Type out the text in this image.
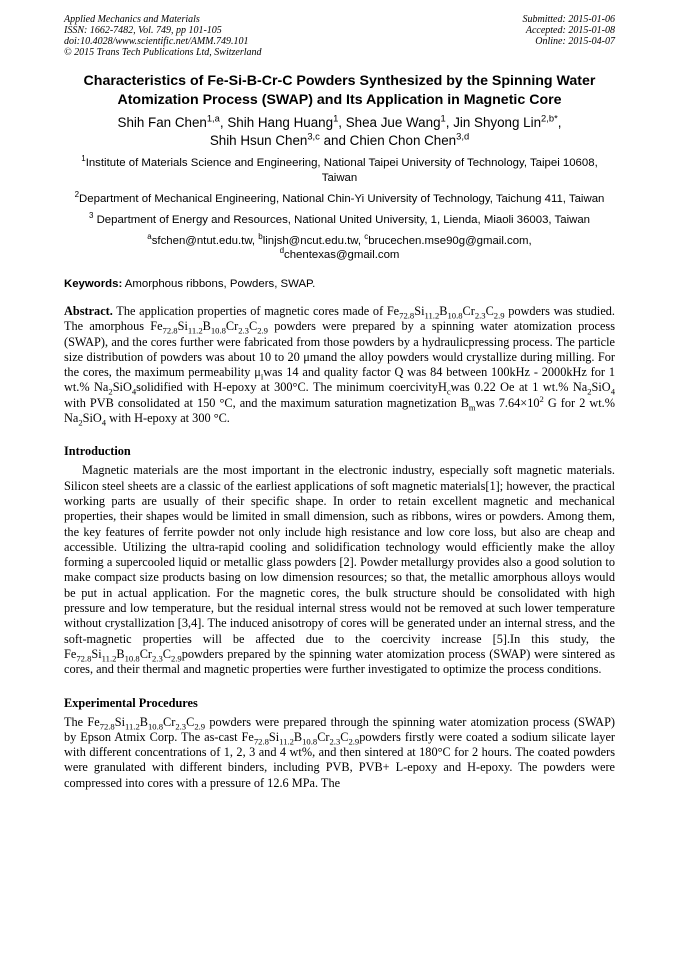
Applied Mechanics and Materials
ISSN: 1662-7482, Vol. 749, pp 101-105
doi:10.4028/www.scientific.net/AMM.749.101
© 2015 Trans Tech Publications Ltd, Switzerland
Submitted: 2015-01-06
Accepted: 2015-01-08
Online: 2015-04-07
Characteristics of Fe-Si-B-Cr-C Powders Synthesized by the Spinning Water Atomization Process (SWAP) and Its Application in Magnetic Core
Shih Fan Chen$^{1,a}$, Shih Hang Huang$^1$, Shea Jue Wang$^1$, Jin Shyong Lin$^{2,b*}$,
Shih Hsun Chen$^{3,c}$ and Chien Chon Chen$^{3,d}$
$^1$Institute of Materials Science and Engineering, National Taipei University of Technology, Taipei 10608, Taiwan
$^2$Department of Mechanical Engineering, National Chin-Yi University of Technology, Taichung 411, Taiwan
$^3$ Department of Energy and Resources, National United University, 1, Lienda, Miaoli 36003, Taiwan
$^a$sfchen@ntut.edu.tw, $^b$linjsh@ncut.edu.tw, $^c$brucechen.mse90g@gmail.com,
$^d$chentexas@gmail.com
Keywords: Amorphous ribbons, Powders, SWAP.
Abstract. The application properties of magnetic cores made of $Fe_{72.8}Si_{11.2}B_{10.8}Cr_{2.3}C_{2.9}$ powders was studied. The amorphous $Fe_{72.8}Si_{11.2}B_{10.8}Cr_{2.3}C_{2.9}$ powders were prepared by a spinning water atomization process (SWAP), and the cores further were fabricated from those powders by a hydraulicpressing process. The particle size distribution of powders was about 10 to 20 μmand the alloy powders would crystallize during milling. For the cores, the maximum permeability $\mu_iwas$ 14 and quality factor Q was 84 between 100kHz - 2000kHz for 1 wt.% $Na_2SiO_4solidified$ with H-epoxy at 300°C. The minimum coercivityH$_c$was 0.22 Oe at 1 wt.% $Na_2SiO_4$ with PVB consolidated at 150 °C, and the maximum saturation magnetization $B_mwas$ $7.64\times 10^2$ G for 2 wt.% $Na_2SiO_4$ with H-epoxy at 300 °C.
Introduction
Magnetic materials are the most important in the electronic industry, especially soft magnetic materials. Silicon steel sheets are a classic of the earliest applications of soft magnetic materials[1]; however, the practical working parts are usually of their specific shape. In order to retain excellent magnetic and mechanical properties, their shapes would be limited in small dimension, such as ribbons, wires or powders. Among them, the key features of ferrite powder not only include high resistance and low core loss, but also are cheap and accessible. Utilizing the ultra-rapid cooling and solidification technology would efficiently make the alloy forming a supercooled liquid or metallic glass powders [2]. Powder metallurgy provides also a good solution to make compact size products basing on low dimension resources; so that, the metallic amorphous alloys would be put in actual application. For the magnetic cores, the bulk structure should be consolidated with high pressure and low temperature, but the residual internal stress would not be removed at such lower temperature without crystallization [3,4]. The induced anisotropy of cores will be generated under an internal stress, and the soft-magnetic properties will be affected due to the coercivity increase [5].In this study, the $Fe_{72.8}Si_{11.2}B_{10.8}Cr_{2.3}C_{2.9}powders$ prepared by the spinning water atomization process (SWAP) were sintered as cores, and their thermal and magnetic properties were further investigated to optimize the process conditions.
Experimental Procedures
The $Fe_{72.8}Si_{11.2}B_{10.8}Cr_{2.3}C_{2.9}$ powders were prepared through the spinning water atomization process (SWAP) by Epson Atmix Corp. The as-cast $Fe_{72.8}Si_{11.2}B_{10.8}Cr_{2.3}C_{2.9}powders$ firstly were coated a sodium silicate layer with different concentrations of 1, 2, 3 and 4 wt%, and then sintered at 180°C for 2 hours. The coated powders were granulated with different binders, including PVB, PVB+ L-epoxy and H-epoxy. The powders were compressed into cores with a pressure of 12.6 MPa. The
